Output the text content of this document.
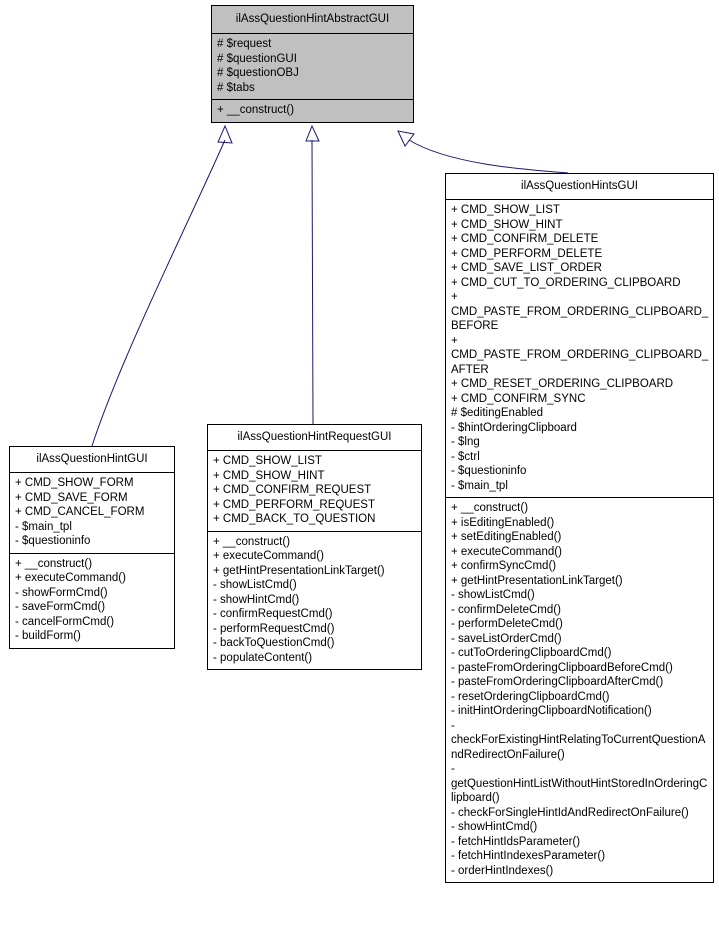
ilAssQuestionHintAbstractGUI
# $request
# $questionGUI
# $questionOBJ
# $tabs
+ __construct()
ilAssQuestionHintGUI
+ CMD_SHOW_FORM
+ CMD_SAVE_FORM
+ CMD_CANCEL_FORM
- $main_tpl
- $questioninfo
+ __construct()
+ executeCommand()
- showFormCmd()
- saveFormCmd()
- cancelFormCmd()
- buildForm()
ilAssQuestionHintRequestGUI
+ CMD_SHOW_LIST
+ CMD_SHOW_HINT
+ CMD_CONFIRM_REQUEST
+ CMD_PERFORM_REQUEST
+ CMD_BACK_TO_QUESTION
+ __construct()
+ executeCommand()
+ getHintPresentationLinkTarget()
- showListCmd()
- showHintCmd()
- confirmRequestCmd()
- performRequestCmd()
- backToQuestionCmd()
- populateContent()
ilAssQuestionHintsGUI
+ CMD_SHOW_LIST
+ CMD_SHOW_HINT
+ CMD_CONFIRM_DELETE
+ CMD_PERFORM_DELETE
+ CMD_SAVE_LIST_ORDER
+ CMD_CUT_TO_ORDERING_CLIPBOARD
+ CMD_PASTE_FROM_ORDERING_CLIPBOARD_BEFORE
+ CMD_PASTE_FROM_ORDERING_CLIPBOARD_AFTER
+ CMD_RESET_ORDERING_CLIPBOARD
+ CMD_CONFIRM_SYNC
# $editingEnabled
- $hintOrderingClipboard
- $lng
- $ctrl
- $questioninfo
- $main_tpl
+ __construct()
+ isEditingEnabled()
+ setEditingEnabled()
+ executeCommand()
+ confirmSyncCmd()
+ getHintPresentationLinkTarget()
- showListCmd()
- confirmDeleteCmd()
- performDeleteCmd()
- saveListOrderCmd()
- cutToOrderingClipboardCmd()
- pasteFromOrderingClipboardBeforeCmd()
- pasteFromOrderingClipboardAfterCmd()
- resetOrderingClipboardCmd()
- initHintOrderingClipboardNotification()
- checkForExistingHintRelatingToCurrentQuestionAndRedirectOnFailure()
- getQuestionHintListWithoutHintStoredInOrderingClipboard()
- checkForSingleHintIdAndRedirectOnFailure()
- showHintCmd()
- fetchHintIdsParameter()
- fetchHintIndexesParameter()
- orderHintIndexes()
